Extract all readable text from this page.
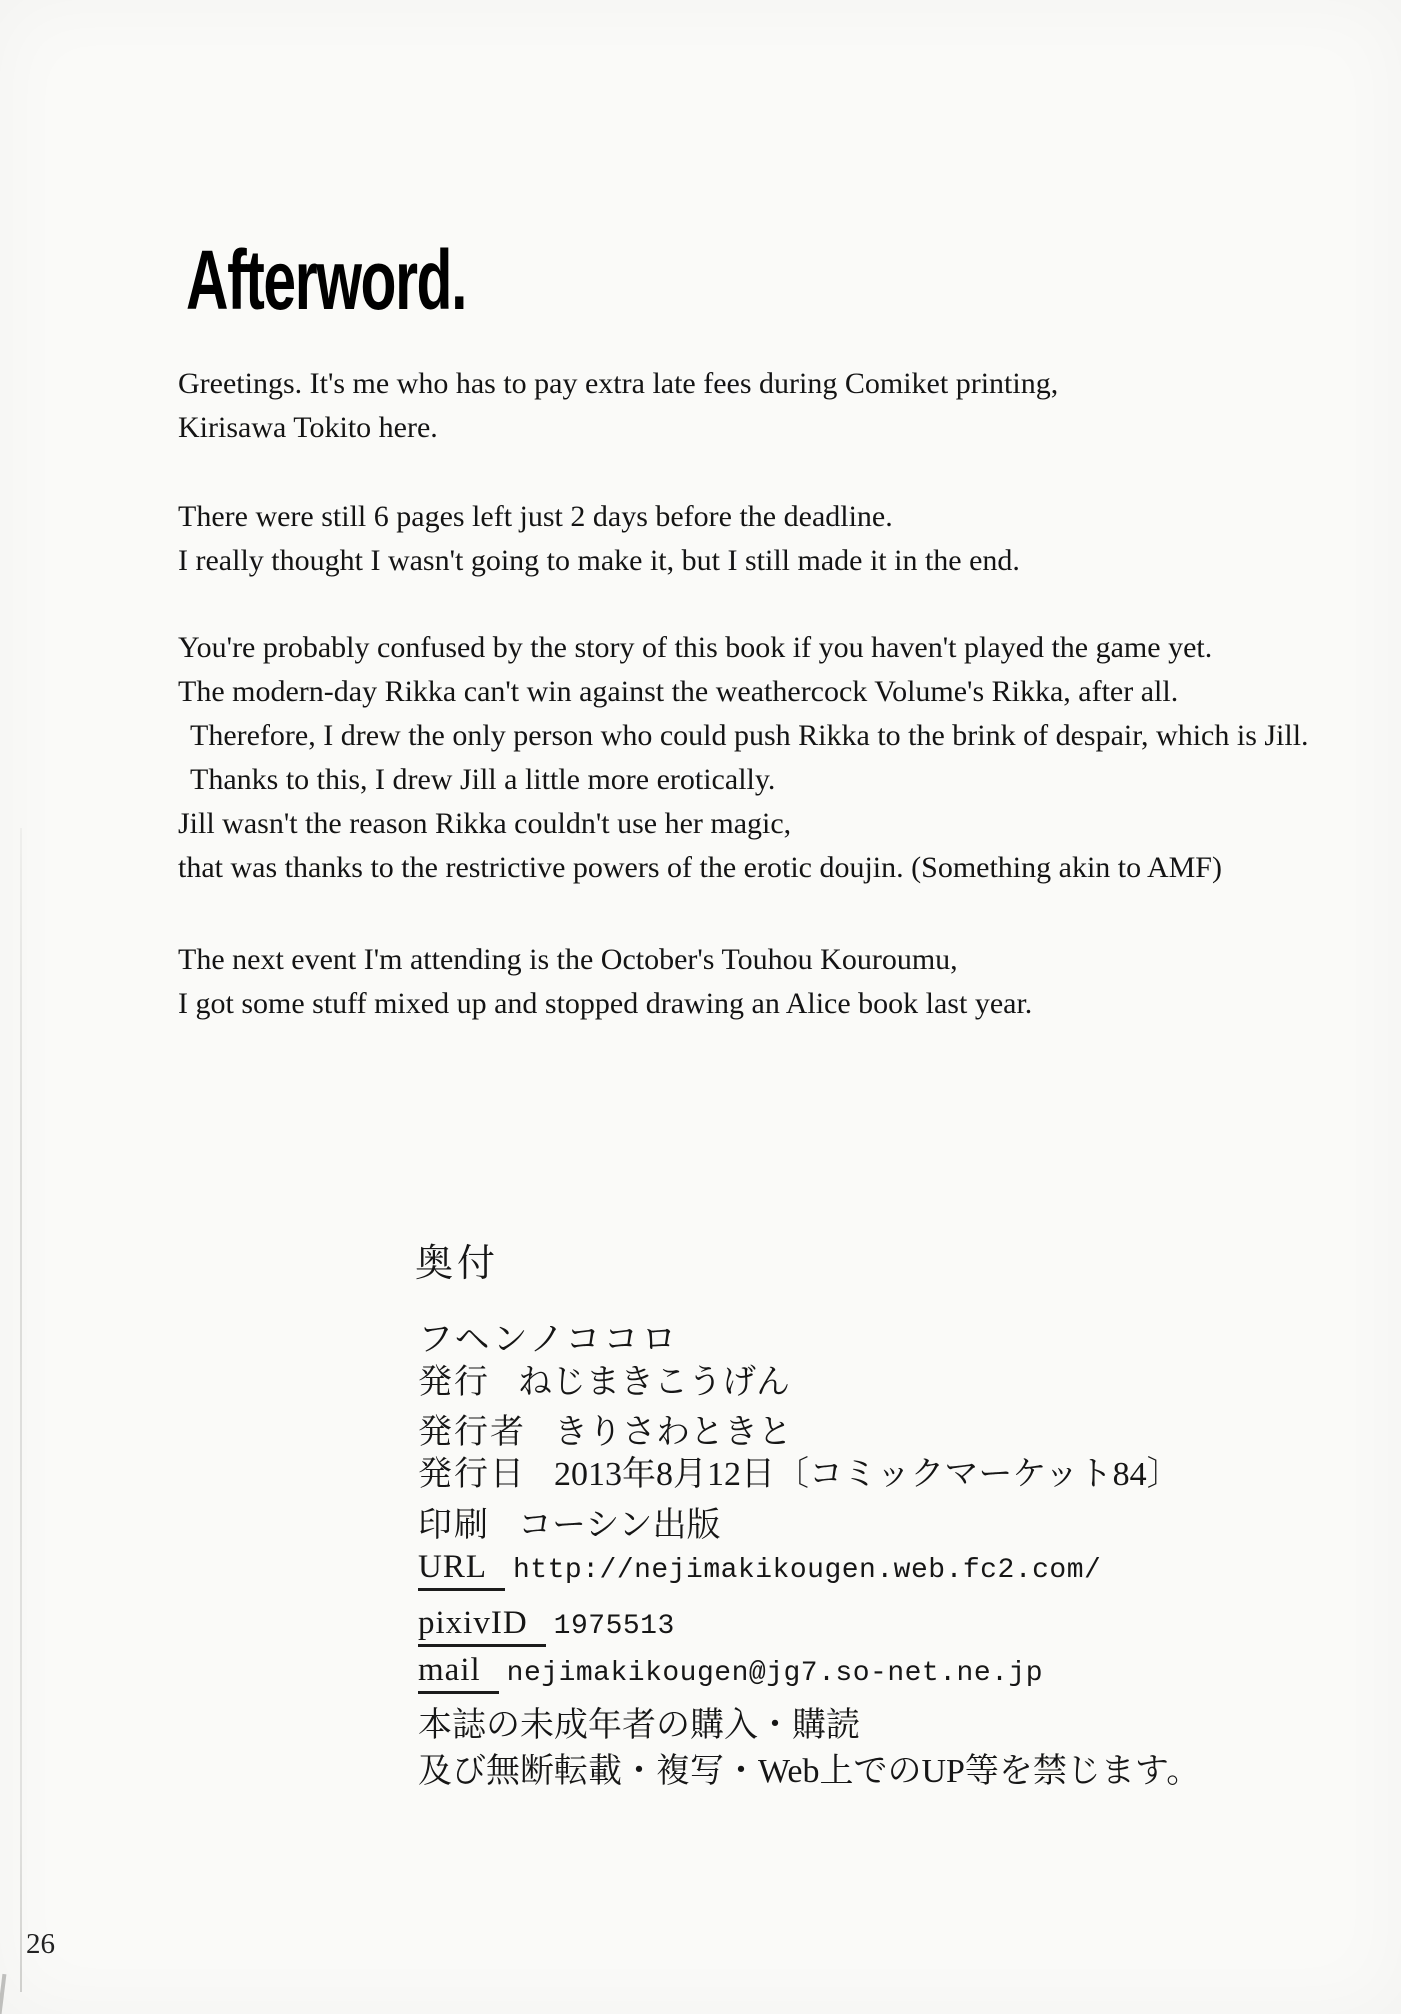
Afterword.
Greetings. It's me who has to pay extra late fees during Comiket printing,
Kirisawa Tokito here.
There were still 6 pages left just 2 days before the deadline.
I really thought I wasn't going to make it, but I still made it in the end.
You're probably confused by the story of this book if you haven't played the game yet.
The modern-day Rikka can't win against the weathercock Volume's Rikka, after all.
Therefore, I drew the only person who could push Rikka to the brink of despair, which is Jill.
Thanks to this, I drew Jill a little more erotically.
Jill wasn't the reason Rikka couldn't use her magic,
that was thanks to the restrictive powers of the erotic doujin. (Something akin to AMF)
The next event I'm attending is the October's Touhou Kouroumu,
I got some stuff mixed up and stopped drawing an Alice book last year.
奥付
フヘンノココロ
発行 ねじまきこうげん
発行者 きりさわときと
発行日 2013年8月12日〔コミックマーケット84〕
印刷 コーシン出版
URL http://nejimakikougen.web.fc2.com/
pixivID 1975513
mail nejimakikougen@jg7.so-net.ne.jp
本誌の未成年者の購入・購読
及び無断転載・複写・Web上でのUP等を禁じます。
26
